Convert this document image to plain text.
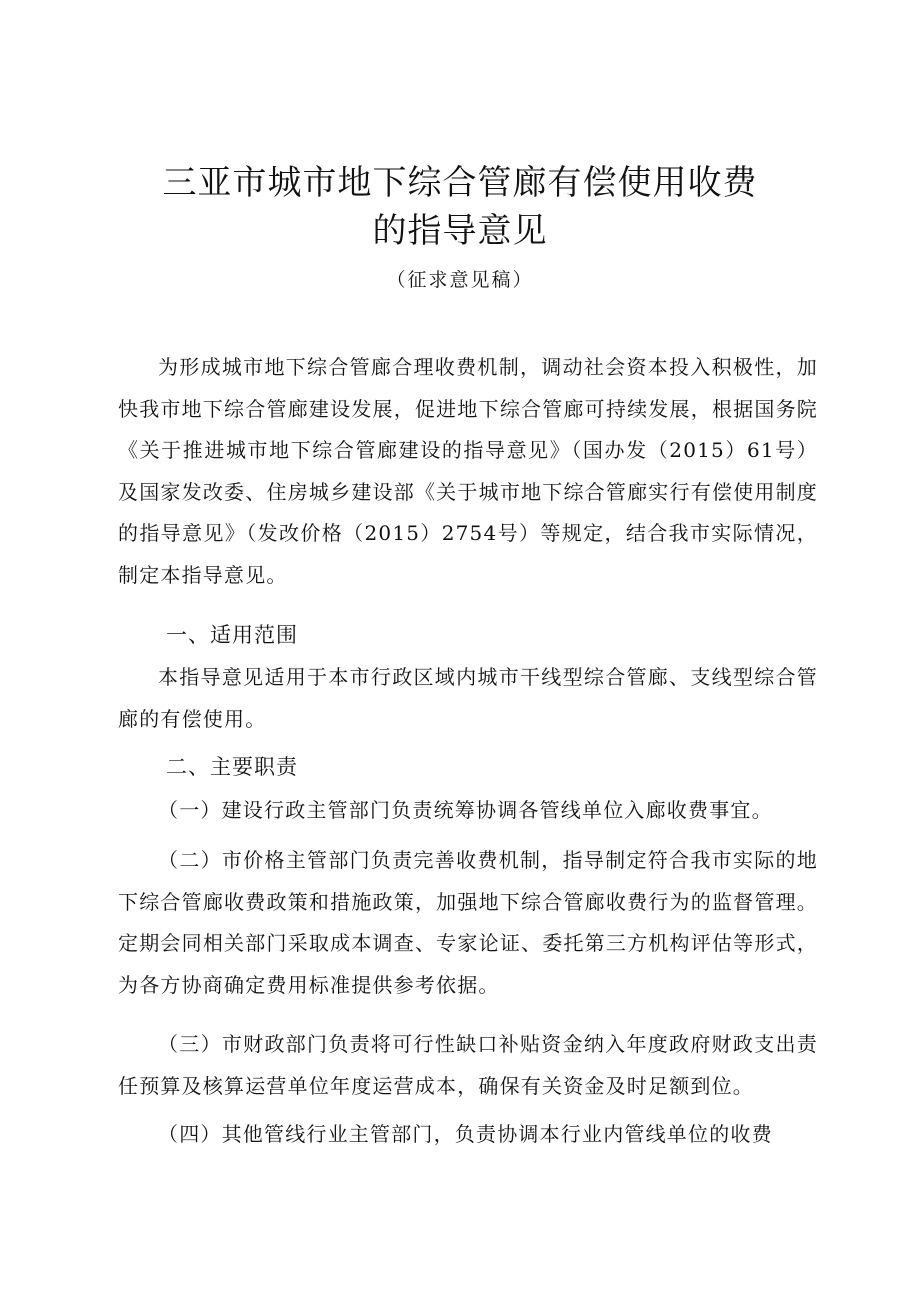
三亚市城市地下综合管廊有偿使用收费
的指导意见
（征求意见稿）
为形成城市地下综合管廊合理收费机制，调动社会资本投入积极性，加快我市地下综合管廊建设发展，促进地下综合管廊可持续发展，根据国务院《关于推进城市地下综合管廊建设的指导意见》（国办发（2015）61号）及国家发改委、住房城乡建设部《关于城市地下综合管廊实行有偿使用制度的指导意见》（发改价格（2015）2754号）等规定，结合我市实际情况，制定本指导意见。
一、适用范围
本指导意见适用于本市行政区域内城市干线型综合管廊、支线型综合管廊的有偿使用。
二、主要职责
（一）建设行政主管部门负责统筹协调各管线单位入廊收费事宜。
（二）市价格主管部门负责完善收费机制，指导制定符合我市实际的地下综合管廊收费政策和措施政策，加强地下综合管廊收费行为的监督管理。定期会同相关部门采取成本调查、专家论证、委托第三方机构评估等形式，为各方协商确定费用标准提供参考依据。
（三）市财政部门负责将可行性缺口补贴资金纳入年度政府财政支出责任预算及核算运营单位年度运营成本，确保有关资金及时足额到位。
（四）其他管线行业主管部门，负责协调本行业内管线单位的收费
